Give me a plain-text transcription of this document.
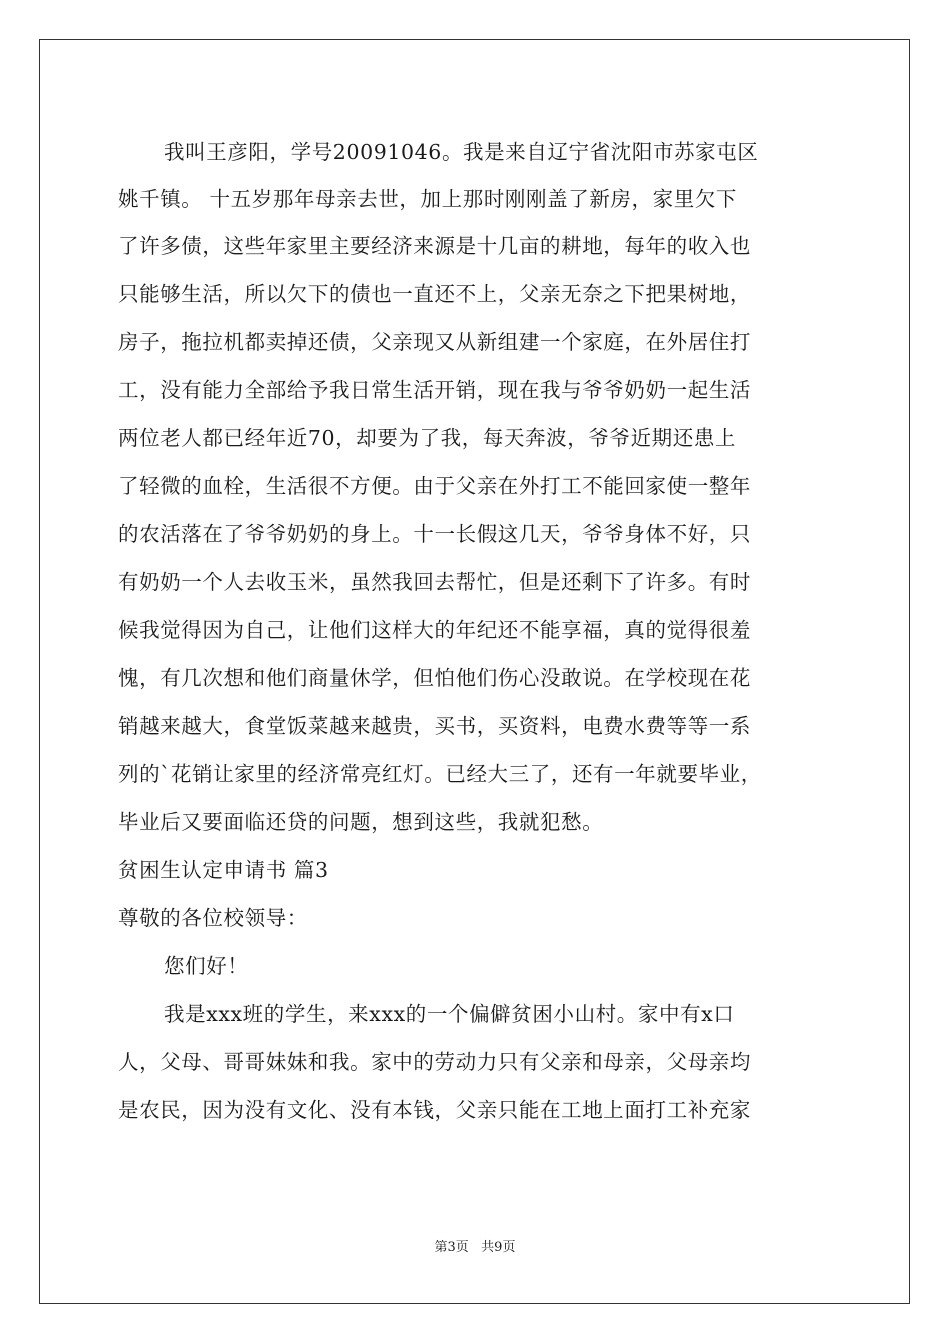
我叫王彦阳，学号20091046。我是来自辽宁省沈阳市苏家屯区
姚千镇。 十五岁那年母亲去世，加上那时刚刚盖了新房，家里欠下
了许多债，这些年家里主要经济来源是十几亩的耕地，每年的收入也
只能够生活，所以欠下的债也一直还不上，父亲无奈之下把果树地，
房子，拖拉机都卖掉还债，父亲现又从新组建一个家庭，在外居住打
工，没有能力全部给予我日常生活开销，现在我与爷爷奶奶一起生活
两位老人都已经年近70，却要为了我，每天奔波，爷爷近期还患上
了轻微的血栓，生活很不方便。由于父亲在外打工不能回家使一整年
的农活落在了爷爷奶奶的身上。十一长假这几天，爷爷身体不好，只
有奶奶一个人去收玉米，虽然我回去帮忙，但是还剩下了许多。有时
候我觉得因为自己，让他们这样大的年纪还不能享福，真的觉得很羞
愧，有几次想和他们商量休学，但怕他们伤心没敢说。在学校现在花
销越来越大，食堂饭菜越来越贵，买书，买资料，电费水费等等一系
列的`花销让家里的经济常亮红灯。已经大三了，还有一年就要毕业，
毕业后又要面临还贷的问题，想到这些，我就犯愁。
贫困生认定申请书 篇3
尊敬的各位校领导：
您们好！
我是xxx班的学生，来xxx的一个偏僻贫困小山村。家中有x口
人，父母、哥哥妹妹和我。家中的劳动力只有父亲和母亲，父母亲均
是农民，因为没有文化、没有本钱，父亲只能在工地上面打工补充家
第3页   共9页
